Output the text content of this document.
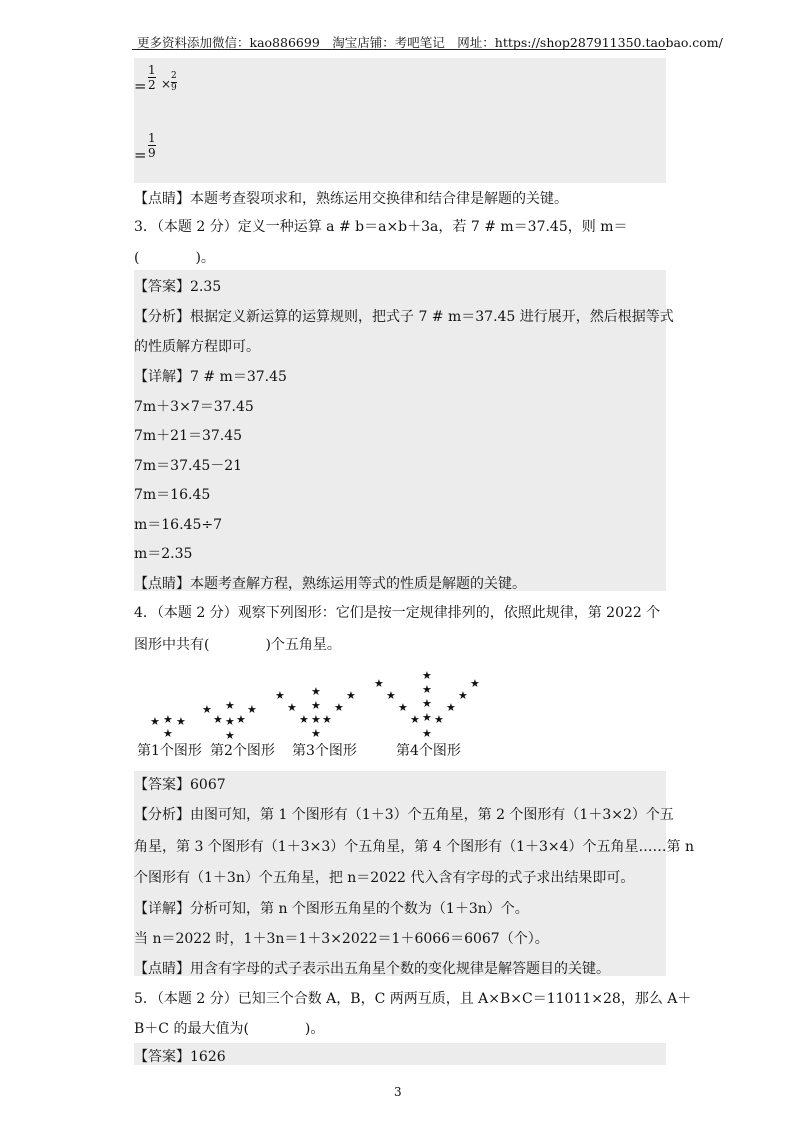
更多资料添加微信：kao886699　淘宝店铺：考吧笔记　网址：https://shop287911350.taobao.com/
=
1
2 ×
2
9
=
1
9
【点睛】本题考查裂项求和，熟练运用交换律和结合律是解题的关键。
3．（本题 2 分）定义一种运算 a # b＝a×b＋3a，若 7 # m＝37.45，则 m＝
(　　　　)。
【答案】2.35
【分析】根据定义新运算的运算规则，把式子 7 # m＝37.45 进行展开，然后根据等式
的性质解方程即可。
【详解】7 # m＝37.45
7m＋3×7＝37.45
7m＋21＝37.45
7m＝37.45－21
7m＝16.45
m＝16.45÷7
m＝2.35
【点睛】本题考查解方程，熟练运用等式的性质是解题的关键。
4．（本题 2 分）观察下列图形：它们是按一定规律排列的，依照此规律，第 2022 个
图形中共有(　　　　)个五角星。
★ ★ ★
★
★	★
★
★ ★
★
★
★
★
★
★
★
★
★
★
★
★
★
★
★
★
★
★
★
★
★
★
★
★
★
第1个图形 第2个图形 第3个图形	第4个图形
【答案】6067
【分析】由图可知，第 1 个图形有（1＋3）个五角星，第 2 个图形有（1＋3×2）个五
角星，第 3 个图形有（1＋3×3）个五角星，第 4 个图形有（1＋3×4）个五角星……第 n
个图形有（1＋3n）个五角星，把 n＝2022 代入含有字母的式子求出结果即可。
【详解】分析可知，第 n 个图形五角星的个数为（1＋3n）个。
当 n＝2022 时，1＋3n＝1＋3×2022＝1＋6066＝6067（个）。
【点睛】用含有字母的式子表示出五角星个数的变化规律是解答题目的关键。
5．（本题 2 分）已知三个合数 A，B，C 两两互质，且 A×B×C＝11011×28，那么 A＋
B＋C 的最大值为(　　　　)。
【答案】1626
3
